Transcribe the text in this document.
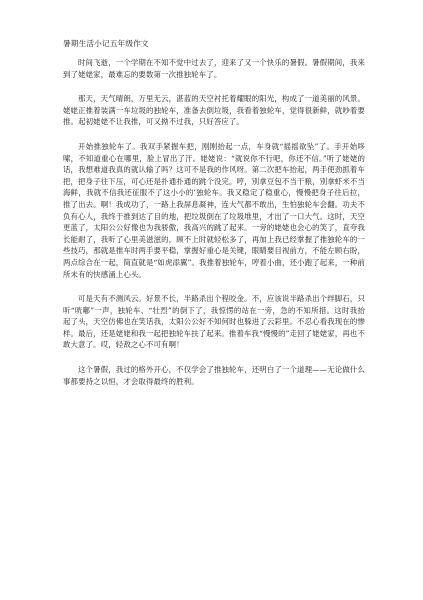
暑期生活小记五年级作文

时间飞逝，一个学期在不知不觉中过去了，迎来了又一个快乐的暑假。暑假期间，我来到了姥姥家，最难忘的要数第一次推独轮车了。

那天，天气晴朗，万里无云，湛蓝的天空衬托着耀眼的阳光，构成了一道美丽的风景。姥姥正推着装满一车垃圾的独轮车，准备去倒垃圾，我看着独轮车，觉得很新鲜，就吵着要推。起初姥姥不让我推，可又拗不过我，只好答应了。

开始推独轮车了。我双手紧握车把，刚刚抬起一点，车身就“摇摇欲坠”了。手开始哆嗦，不知道重心在哪里，脸上冒出了汗。姥姥说：“就说你不行吧，你还不信。”听了姥姥的话，我想难道我真的就认输了吗？这可不是我的作风呀。第二次把车抬起，两手使劲抓着车把，把身子往下压，可心还是扑通扑通的跳个没完。哼，別拿豆包不当干粮，別拿虾米不当海鲜，我就不信我还征服不了这小小的’独轮车。我又稳定了稳重心，慢慢把身子往后拉，推了出去。啊！我成功了，一路上我屏息凝神，连大气都不敢出，生怕独轮车会翻。功夫不负有心人，我终于推到达了目的地，把垃圾倒在了垃圾堆里，才出了一口大气。这时，天空更蓝了，太阳公公好像也为我骄傲，我高兴的跳了起来。一旁的姥姥也会心的笑了，直夸我长能耐了，我听了心里美滋滋的，顾不上时就轻松多了，再加上我已经掌握了推独轮车的一些技巧，那就是推车时两手要平稳，掌握好重心是关键，眼睛要目视前方，不能左顾右盼，两点综合在一起，简直就是“如虎添翼”。我推着独轮车，哼着小曲，还小跑了起来，一种前所未有的快感涌上心头。

可是天有不测风云。好景不长，半路杀出个程咬金。不，应该说半路杀出个绊脚石，只听“咣嘟”一声，独轮车、“壮烈”的倒下了，我惊愣的站在一旁，急的不知所措。这时我抬起了头，天空仿佛也在笑话我，太阳公公好不知何时也躲进了云彩里。不忍心看我现在的惨样。最后，还是姥姥和我一起把独轮车扶了起来。推着车我“慢慢的”走回了姥姥家，再也不敢大意了。哎，轻敌之心不可有啊！

这个暑假，我过的格外开心，不仅学会了推独轮车，还明白了一个道理——无论做什么事都要持之以恒，才会取得最终的胜利。
